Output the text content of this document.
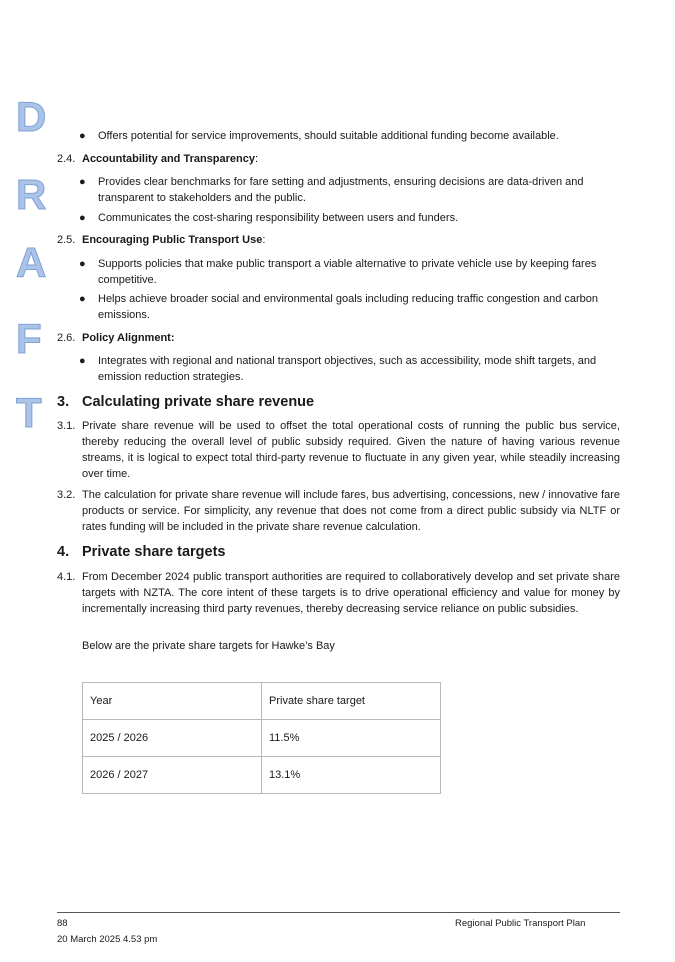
D
R
A
F
T
● Offers potential for service improvements, should suitable additional funding become available.
2.4. Accountability and Transparency:
● Provides clear benchmarks for fare setting and adjustments, ensuring decisions are data-driven and transparent to stakeholders and the public.
● Communicates the cost-sharing responsibility between users and funders.
2.5. Encouraging Public Transport Use:
● Supports policies that make public transport a viable alternative to private vehicle use by keeping fares competitive.
● Helps achieve broader social and environmental goals including reducing traffic congestion and carbon emissions.
2.6. Policy Alignment:
● Integrates with regional and national transport objectives, such as accessibility, mode shift targets, and emission reduction strategies.
3. Calculating private share revenue
3.1. Private share revenue will be used to offset the total operational costs of running the public bus service, thereby reducing the overall level of public subsidy required. Given the nature of having various revenue streams, it is logical to expect total third-party revenue to fluctuate in any given year, while steadily increasing over time.
3.2. The calculation for private share revenue will include fares, bus advertising, concessions, new / innovative fare products or service. For simplicity, any revenue that does not come from a direct public subsidy via NLTF or rates funding will be included in the private share revenue calculation.
4. Private share targets
4.1. From December 2024 public transport authorities are required to collaboratively develop and set private share targets with NZTA. The core intent of these targets is to drive operational efficiency and value for money by incrementally increasing third party revenues, thereby decreasing service reliance on public subsidies.
Below are the private share targets for Hawke’s Bay
Year	Private share target
2025 / 2026	11.5%
2026 / 2027	13.1%
88	Regional Public Transport Plan
20 March 2025 4.53 pm
